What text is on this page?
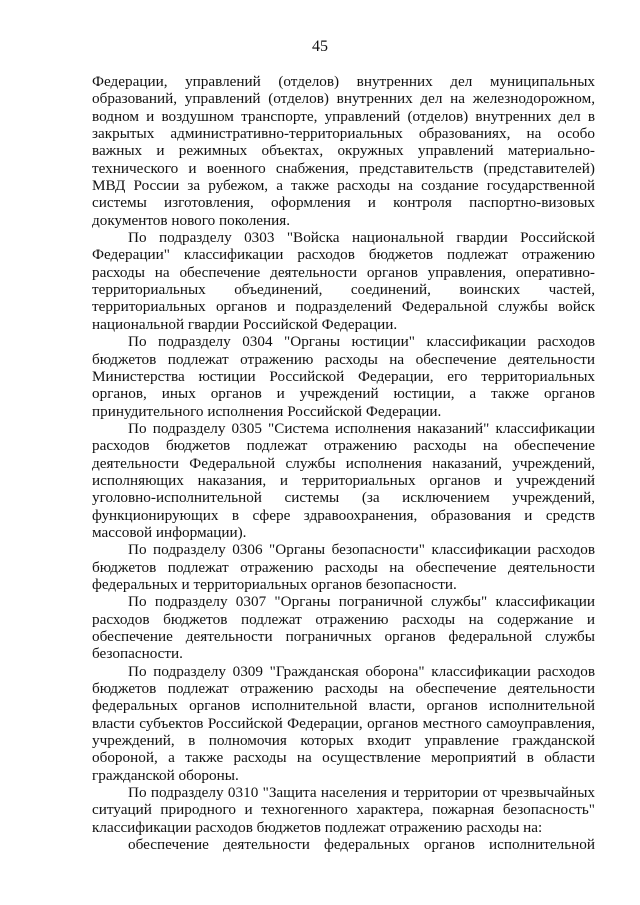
45

Федерации, управлений (отделов) внутренних дел муниципальных образований, управлений (отделов) внутренних дел на железнодорожном, водном и воздушном транспорте, управлений (отделов) внутренних дел в закрытых административно-территориальных образованиях, на особо важных и режимных объектах, окружных управлений материально-технического и военного снабжения, представительств (представителей) МВД России за рубежом, а также расходы на создание государственной системы изготовления, оформления и контроля паспортно-визовых документов нового поколения.

По подразделу 0303 "Войска национальной гвардии Российской Федерации" классификации расходов бюджетов подлежат отражению расходы на обеспечение деятельности органов управления, оперативно-территориальных объединений, соединений, воинских частей, территориальных органов и подразделений Федеральной службы войск национальной гвардии Российской Федерации.

По подразделу 0304 "Органы юстиции" классификации расходов бюджетов подлежат отражению расходы на обеспечение деятельности Министерства юстиции Российской Федерации, его территориальных органов, иных органов и учреждений юстиции, а также органов принудительного исполнения Российской Федерации.

По подразделу 0305 "Система исполнения наказаний" классификации расходов бюджетов подлежат отражению расходы на обеспечение деятельности Федеральной службы исполнения наказаний, учреждений, исполняющих наказания, и территориальных органов и учреждений уголовно-исполнительной системы (за исключением учреждений, функционирующих в сфере здравоохранения, образования и средств массовой информации).

По подразделу 0306 "Органы безопасности" классификации расходов бюджетов подлежат отражению расходы на обеспечение деятельности федеральных и территориальных органов безопасности.

По подразделу 0307 "Органы пограничной службы" классификации расходов бюджетов подлежат отражению расходы на содержание и обеспечение деятельности пограничных органов федеральной службы безопасности.

По подразделу 0309 "Гражданская оборона" классификации расходов бюджетов подлежат отражению расходы на обеспечение деятельности федеральных органов исполнительной власти, органов исполнительной власти субъектов Российской Федерации, органов местного самоуправления, учреждений, в полномочия которых входит управление гражданской обороной, а также расходы на осуществление мероприятий в области гражданской обороны.

По подразделу 0310 "Защита населения и территории от чрезвычайных ситуаций природного и техногенного характера, пожарная безопасность" классификации расходов бюджетов подлежат отражению расходы на:

обеспечение деятельности федеральных органов исполнительной
